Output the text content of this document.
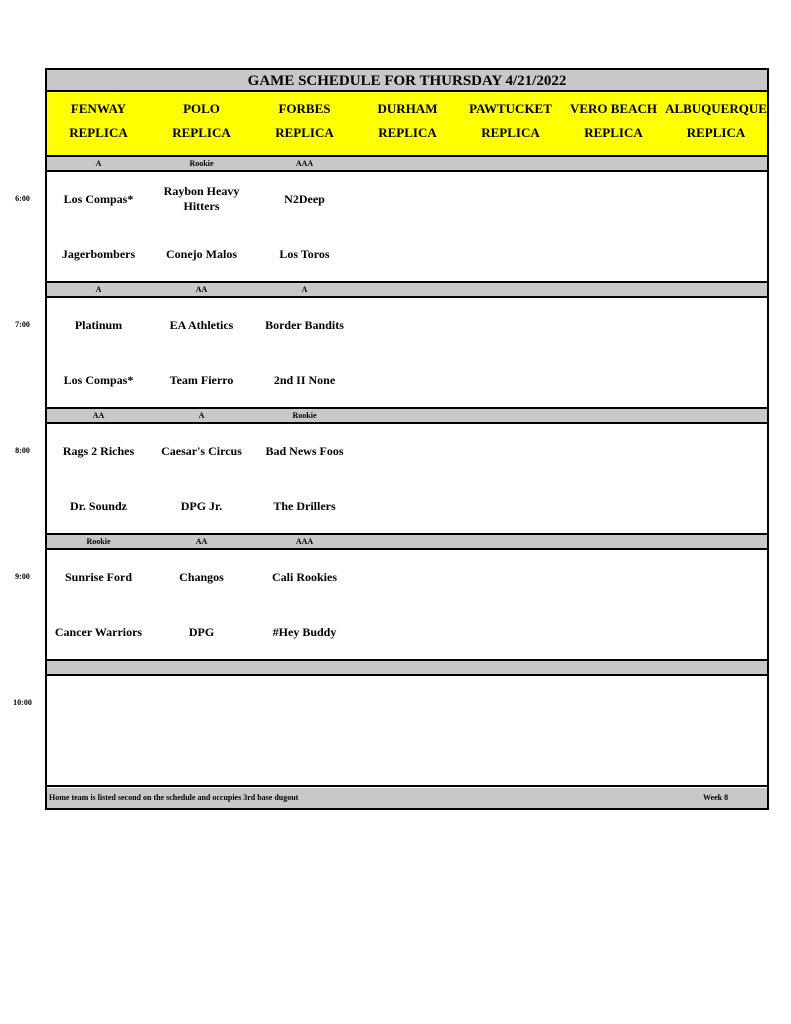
6:00
7:00
8:00
9:00
10:00
GAME SCHEDULE FOR THURSDAY 4/21/2022
FENWAY
REPLICA
POLO
REPLICA
FORBES
REPLICA
DURHAM
REPLICA
PAWTUCKET
REPLICA
VERO BEACH
REPLICA
ALBUQUERQUE
REPLICA
A
Los Compas*
Jagerbombers
Rookie
Raybon Heavy Hitters
Conejo Malos
AAA
N2Deep
Los Toros
A
Platinum
Los Compas*
AA
EA Athletics
Team Fierro
A
Border Bandits
2nd II None
AA
Rags 2 Riches
Dr. Soundz
A
Caesar's Circus
DPG Jr.
Rookie
Bad News Foos
The Drillers
Rookie
Sunrise Ford
Cancer Warriors
AA
Changos
DPG
AAA
Cali Rookies
#Hey Buddy
Home team is listed second on the schedule and occupies 3rd base dugout	Week 8
